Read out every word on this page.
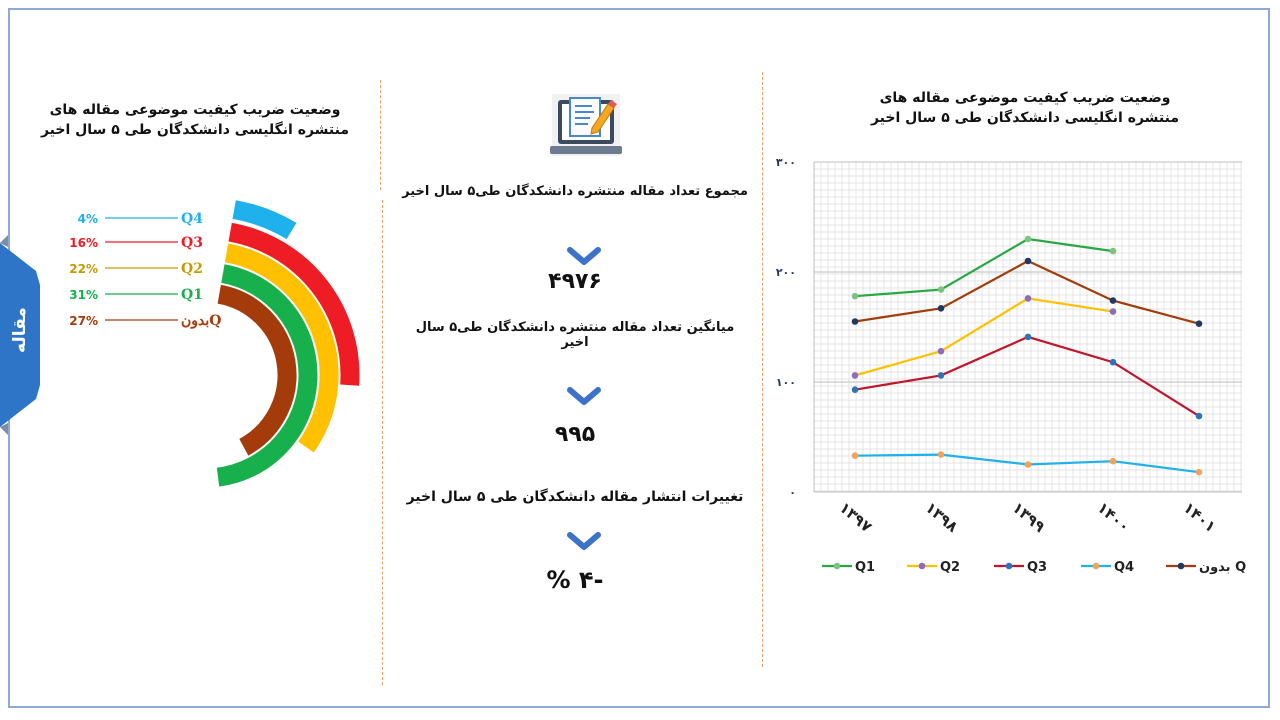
مقاله
وضعیت ضریب کیفیت موضوعی مقاله های منتشره انگلیسی دانشکدگان طی ۵ سال اخیر
4%	Q4
16%	Q3
22%	Q2
31%	Q1
27%	بدونQ
مجموع تعداد مقاله منتشره دانشکدگان طی۵ سال اخیر
۴۹۷۶
میانگین تعداد مقاله منتشره دانشکدگان طی۵ سال اخیر
۹۹۵
تغییرات انتشار مقاله دانشکدگان طی ۵ سال اخیر
-۴ %
وضعیت ضریب کیفیت موضوعی مقاله های منتشره انگلیسی دانشکدگان طی ۵ سال اخیر
۰
۱۰۰
۲۰۰
۳۰۰
۱۳۹۷	۱۳۹۸	۱۳۹۹	۱۴۰۰	۱۴۰۱
Q1	Q2	Q3	Q4	بدون Q
